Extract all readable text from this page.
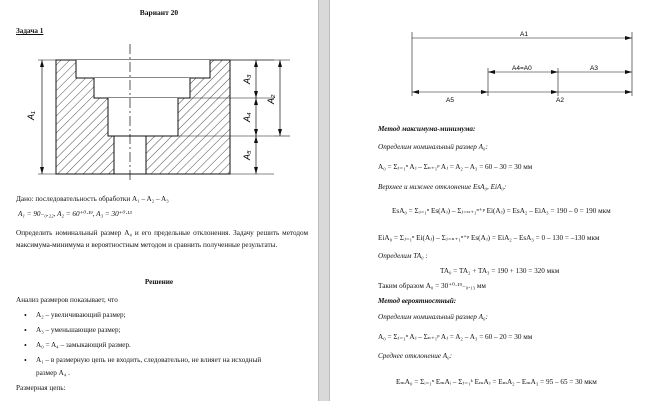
Вариант 20
Задача 1
A₁
A₃
A₄
A₂
A₅
Дано: последовательность обработки A₁ – A₂ – A₃
A₁ = 90₋₀.₂₂, A₂ = 60⁺⁰·¹⁹, A₃ = 30⁺⁰·¹³
Определить номинальный размер A₄ и его предельные отклонения. Задачу решить методом максимума-минимума и вероятностным методом и сравнить полученные результаты.
Решение
Анализ размеров показывает, что
• A₂ – увеличивающий размер;
• A₃ – уменьшающие размер;
• A₀ = A₄ – замыкающий размер.
• A₁ – в размерную цепь не входить, следовательно, не влияет на исходный
размер A₄ .
Размерная цепь:
A1
A4=A0	A3
A5	A2
Метод максимума-минимума:
Определим номинальный размер A₀:
A₀ = Σⱼ₌₁ⁿ Aⱼ – Σₙ₊₁ᵖ Aⱼ = A₂ – A₃ = 60 – 30 = 30 мм
Верхнее и нижнее отклонение EsA₀, EiA₀:
EsA₀ = Σⱼ₌₁ⁿ Es(Aⱼ) – Σⱼ₌ₙ₊₁ⁿ⁺ᵖ Ei(Aⱼ) = EsA₂ – EiA₃ = 190 – 0 = 190 мкм
EiA₀ = Σⱼ₌₁ⁿ Ei(Aⱼ) – Σⱼ₌ₙ₊₁ⁿ⁺ᵖ Es(Aⱼ) = EiA₂ – EsA₃ = 0 – 130 = –130 мкм
Определим TA₀ :
TA₀ = TA₂ + TA₃ = 190 + 130 = 320 мкм
Таким образом A₀ = 30⁺⁰·¹⁹₋₀.₁₃ мм
Метод вероятностный:
Определим номинальный размер A₀:
A₀ = Σⱼ₌₁ⁿ Aⱼ – Σₙ₊₁ᵖ Aⱼ = A₂ – A₃ = 60 – 20 = 30 мм
Среднее отклонение A₀:
EₘA₀ = Σᵢ₌₁ⁿ EₘAᵢ – Σⱼ₌₁ᵏ EₘAⱼ = EₘA₂ – EₘA₃ = 95 – 65 = 30 мкм
